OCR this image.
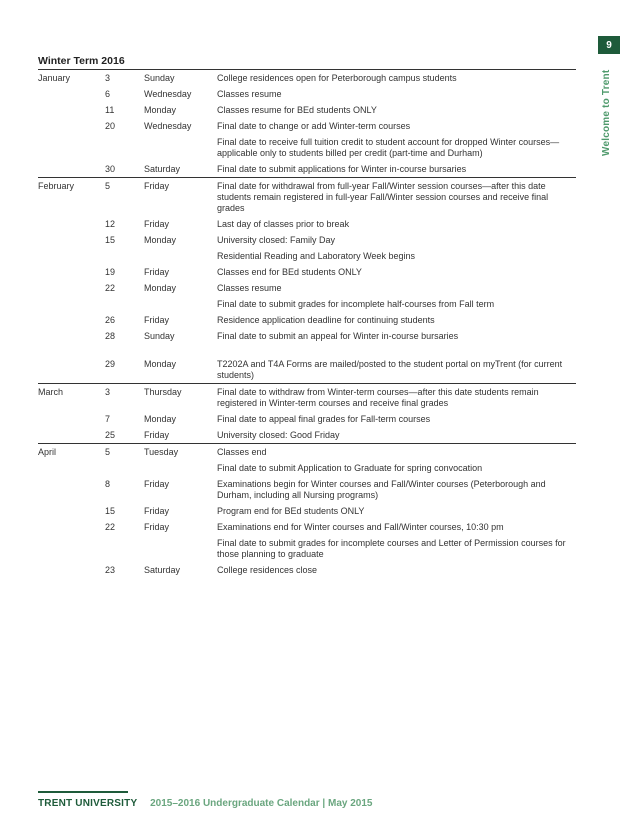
9
Welcome to Trent
Winter Term 2016
January	3	Sunday	College residences open for Peterborough campus students
	6	Wednesday	Classes resume
	11	Monday	Classes resume for BEd students ONLY
	20	Wednesday	Final date to change or add Winter-term courses
			Final date to receive full tuition credit to student account for dropped Winter courses—applicable only to students billed per credit (part-time and Durham)
	30	Saturday	Final date to submit applications for Winter in-course bursaries
February	5	Friday	Final date for withdrawal from full-year Fall/Winter session courses—after this date students remain registered in full-year Fall/Winter session courses and receive final grades
	12	Friday	Last day of classes prior to break
	15	Monday	University closed: Family Day
			Residential Reading and Laboratory Week begins
	19	Friday	Classes end for BEd students ONLY
	22	Monday	Classes resume
			Final date to submit grades for incomplete half-courses from Fall term
	26	Friday	Residence application deadline for continuing students
	28	Sunday	Final date to submit an appeal for Winter in-course bursaries
	29	Monday	T2202A and T4A Forms are mailed/posted to the student portal on myTrent (for current students)
March	3	Thursday	Final date to withdraw from Winter-term courses—after this date students remain registered in Winter-term courses and receive final grades
	7	Monday	Final date to appeal final grades for Fall-term courses
	25	Friday	University closed: Good Friday
April	5	Tuesday	Classes end
			Final date to submit Application to Graduate for spring convocation
	8	Friday	Examinations begin for Winter courses and Fall/Winter courses (Peterborough and Durham, including all Nursing programs)
	15	Friday	Program end for BEd students ONLY
	22	Friday	Examinations end for Winter courses and Fall/Winter courses, 10:30 pm
			Final date to submit grades for incomplete courses and Letter of Permission courses for those planning to graduate
	23	Saturday	College residences close
TRENT UNIVERSITY 2015–2016 Undergraduate Calendar | May 2015
